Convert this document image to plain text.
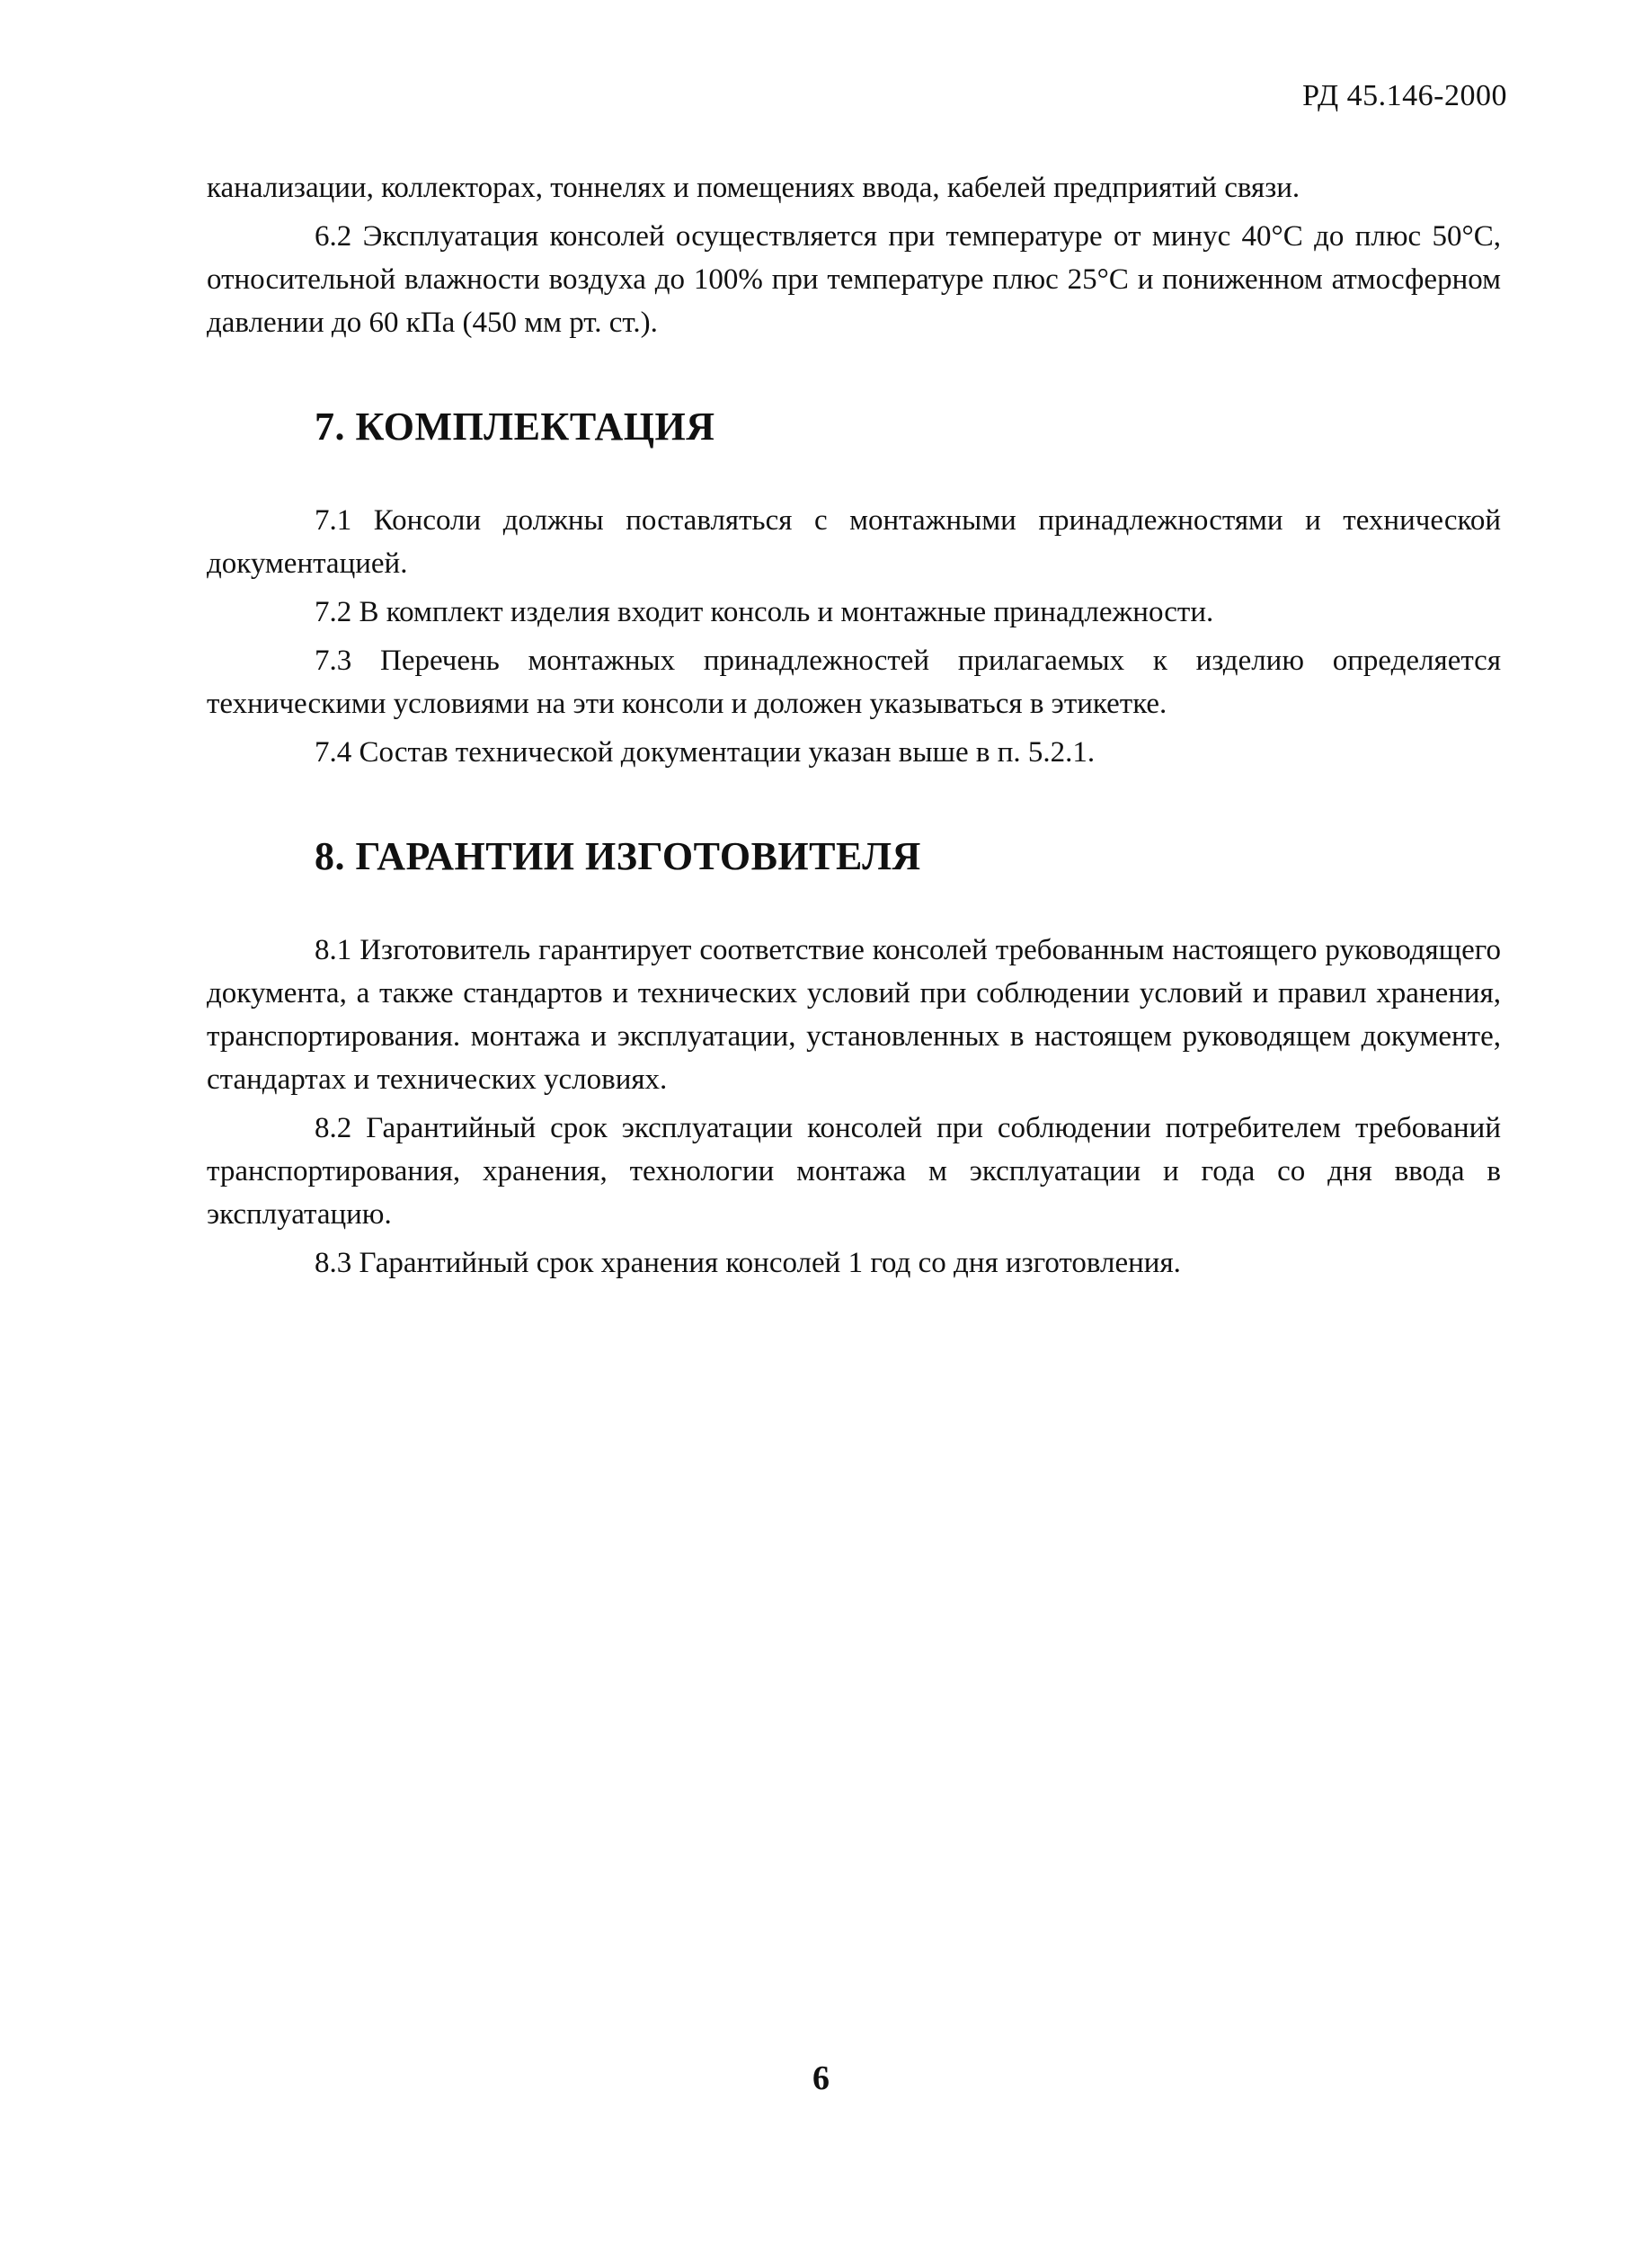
РД 45.146-2000

канализации, коллекторах, тоннелях и помещениях ввода, кабелей предприятий связи.

6.2 Эксплуатация консолей осуществляется при температуре от минус 40°С до плюс 50°С, относительной влажности воздуха до 100% при температуре плюс 25°С и пониженном атмосферном давлении до 60 кПа (450 мм рт. ст.).

7. КОМПЛЕКТАЦИЯ

7.1 Консоли должны поставляться с монтажными принадлежностями и технической документацией.

7.2 В комплект изделия входит консоль и монтажные принадлежности.

7.3 Перечень монтажных принадлежностей прилагаемых к изделию определяется техническими условиями на эти консоли и доложен указываться в этикетке.

7.4 Состав технической документации указан выше в п. 5.2.1.

8. ГАРАНТИИ ИЗГОТОВИТЕЛЯ

8.1 Изготовитель гарантирует соответствие консолей требованным настоящего руководящего документа, а также стандартов и технических условий при соблюдении условий и правил хранения, транспортирования. монтажа и эксплуатации, установленных в настоящем руководящем документе, стандартах и технических условиях.

8.2 Гарантийный срок эксплуатации консолей при соблюдении потребителем требований транспортирования, хранения, технологии монтажа м эксплуатации и года со дня ввода в эксплуатацию.

8.3 Гарантийный срок хранения консолей 1 год со дня изготовления.

6
